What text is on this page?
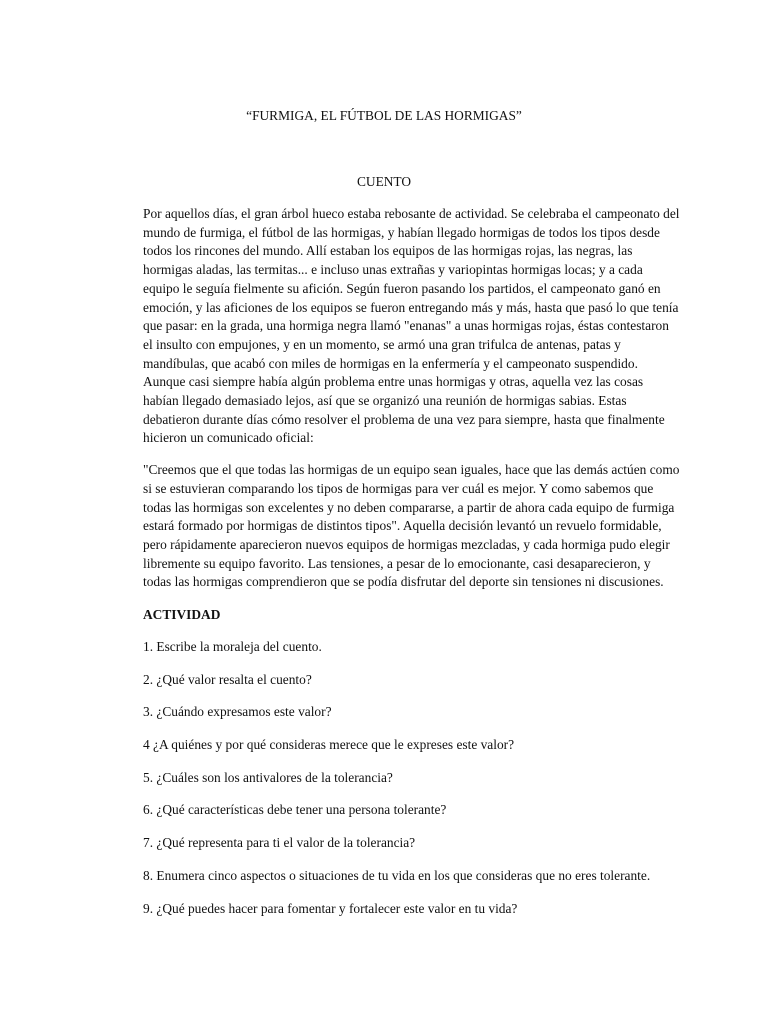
“FURMIGA, EL FÚTBOL DE LAS HORMIGAS”
CUENTO

Por aquellos días, el gran árbol hueco estaba rebosante de actividad. Se celebraba el campeonato del
mundo de furmiga, el fútbol de las hormigas, y habían llegado hormigas de todos los tipos desde
todos los rincones del mundo. Allí estaban los equipos de las hormigas rojas, las negras, las
hormigas aladas, las termitas... e incluso unas extrañas y variopintas hormigas locas; y a cada
equipo le seguía fielmente su afición. Según fueron pasando los partidos, el campeonato ganó en
emoción, y las aficiones de los equipos se fueron entregando más y más, hasta que pasó lo que tenía
que pasar: en la grada, una hormiga negra llamó "enanas" a unas hormigas rojas, éstas contestaron
el insulto con empujones, y en un momento, se armó una gran trifulca de antenas, patas y
mandíbulas, que acabó con miles de hormigas en la enfermería y el campeonato suspendido.
Aunque casi siempre había algún problema entre unas hormigas y otras, aquella vez las cosas
habían llegado demasiado lejos, así que se organizó una reunión de hormigas sabias. Estas
debatieron durante días cómo resolver el problema de una vez para siempre, hasta que finalmente
hicieron un comunicado oficial:

"Creemos que el que todas las hormigas de un equipo sean iguales, hace que las demás actúen como
si se estuvieran comparando los tipos de hormigas para ver cuál es mejor. Y como sabemos que
todas las hormigas son excelentes y no deben compararse, a partir de ahora cada equipo de furmiga
estará formado por hormigas de distintos tipos". Aquella decisión levantó un revuelo formidable,
pero rápidamente aparecieron nuevos equipos de hormigas mezcladas, y cada hormiga pudo elegir
libremente su equipo favorito. Las tensiones, a pesar de lo emocionante, casi desaparecieron, y
todas las hormigas comprendieron que se podía disfrutar del deporte sin tensiones ni discusiones.

ACTIVIDAD
1. Escribe la moraleja del cuento.
2. ¿Qué valor resalta el cuento?
3. ¿Cuándo expresamos este valor?
4 ¿A quiénes y por qué consideras merece que le expreses este valor?
5. ¿Cuáles son los antivalores de la tolerancia?
6. ¿Qué características debe tener una persona tolerante?
7. ¿Qué representa para ti el valor de la tolerancia?
8. Enumera cinco aspectos o situaciones de tu vida en los que consideras que no eres tolerante.
9. ¿Qué puedes hacer para fomentar y fortalecer este valor en tu vida?
